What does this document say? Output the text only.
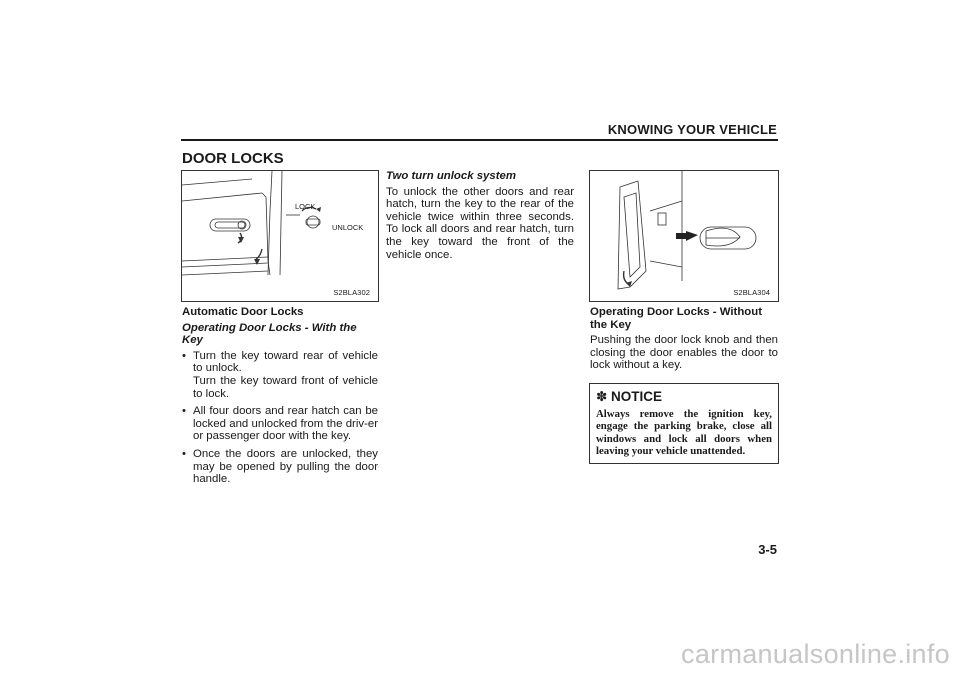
KNOWING YOUR VEHICLE
DOOR LOCKS
LOCK
UNLOCK
S2BLA302	S2BLA304
Automatic Door Locks
Operating Door Locks - With the Key
• Turn the key toward rear of vehicle to unlock.
Turn the key toward front of vehicle to lock.
• All four doors and rear hatch can be locked and unlocked from the driv-er or passenger door with the key.
• Once the doors are unlocked, they may be opened by pulling the door handle.
Two turn unlock system

To unlock the other doors and rear hatch, turn the key to the rear of the vehicle twice within three seconds. To lock all doors and rear hatch, turn the key toward the front of the vehicle once.

Operating Door Locks - Without the Key

Pushing the door lock knob and then closing the door enables the door to lock without a key.

✽ NOTICE
Always remove the ignition key, engage the parking brake, close all windows and lock all doors when leaving your vehicle unattended.
3-5
carmanualsonline.info
